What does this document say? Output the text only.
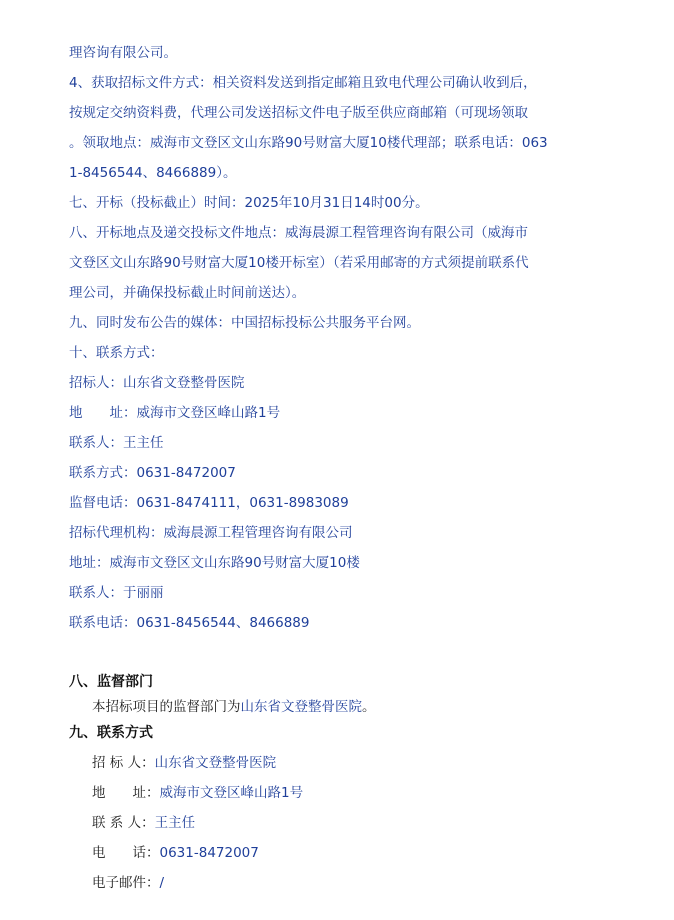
理咨询有限公司。
4、获取招标文件方式：相关资料发送到指定邮箱且致电代理公司确认收到后，
按规定交纳资料费，代理公司发送招标文件电子版至供应商邮箱（可现场领取
。领取地点：威海市文登区文山东路90号财富大厦10楼代理部；联系电话：063
1-8456544、8466889）。
七、开标（投标截止）时间：2025年10月31日14时00分。
八、开标地点及递交投标文件地点：威海晨源工程管理咨询有限公司（威海市
文登区文山东路90号财富大厦10楼开标室）（若采用邮寄的方式须提前联系代
理公司，并确保投标截止时间前送达）。
九、同时发布公告的媒体：中国招标投标公共服务平台网。
十、联系方式：
招标人：山东省文登整骨医院
地　　址：威海市文登区峰山路1号
联系人：王主任
联系方式：0631-8472007
监督电话：0631-8474111，0631-8983089
招标代理机构：威海晨源工程管理咨询有限公司
地址：威海市文登区文山东路90号财富大厦10楼
联系人：于丽丽
联系电话：0631-8456544、8466889
八、监督部门
本招标项目的监督部门为山东省文登整骨医院。
九、联系方式
招 标 人：山东省文登整骨医院
地　　址：威海市文登区峰山路1号
联 系 人：王主任
电　　话：0631-8472007
电子邮件：/
